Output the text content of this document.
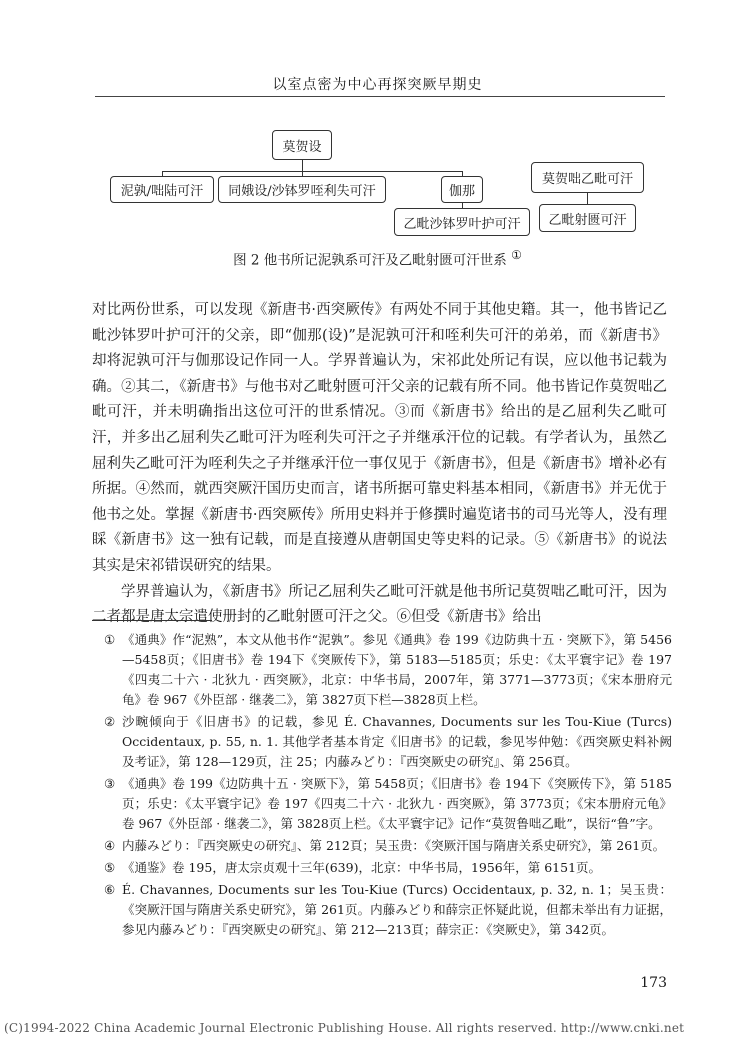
以室点密为中心再探突厥早期史
莫贺设
泥孰/咄陆可汗	同娥设/沙钵罗咥利失可汗	伽那
乙毗沙钵罗叶护可汗
莫贺咄乙毗可汗
乙毗射匮可汗
图 2 他书所记泥孰系可汗及乙毗射匮可汗世系 ①

对比两份世系，可以发现《新唐书·西突厥传》有两处不同于其他史籍。其一，他书皆记乙毗沙钵罗叶护可汗的父亲，即“伽那(设)”是泥孰可汗和咥利失可汗的弟弟，而《新唐书》却将泥孰可汗与伽那设记作同一人。学界普遍认为，宋祁此处所记有误，应以他书记载为确。②其二，《新唐书》与他书对乙毗射匮可汗父亲的记载有所不同。他书皆记作莫贺咄乙毗可汗，并未明确指出这位可汗的世系情况。③而《新唐书》给出的是乙屈利失乙毗可汗，并多出乙屈利失乙毗可汗为咥利失可汗之子并继承汗位的记载。有学者认为，虽然乙屈利失乙毗可汗为咥利失之子并继承汗位一事仅见于《新唐书》，但是《新唐书》增补必有所据。④然而，就西突厥汗国历史而言，诸书所据可靠史料基本相同，《新唐书》并无优于他书之处。掌握《新唐书·西突厥传》所用史料并于修撰时遍览诸书的司马光等人，没有理睬《新唐书》这一独有记载，而是直接遵从唐朝国史等史料的记录。⑤《新唐书》的说法其实是宋祁错误研究的结果。

学界普遍认为，《新唐书》所记乙屈利失乙毗可汗就是他书所记莫贺咄乙毗可汗，因为二者都是唐太宗遣使册封的乙毗射匮可汗之父。⑥但受《新唐书》给出

① 《通典》作“泥熟”，本文从他书作“泥孰”。参见《通典》卷 199《边防典十五 · 突厥下》，第 5456—5458页；《旧唐书》卷 194下《突厥传下》，第 5183—5185页；乐史：《太平寰宇记》卷 197《四夷二十六 · 北狄九 · 西突厥》，北京：中华书局，2007年，第 3771—3773页；《宋本册府元龟》卷 967《外臣部 · 继袭二》，第 3827页下栏—3828页上栏。
② 沙畹倾向于《旧唐书》的记载，参见 É. Chavannes, Documents sur les Tou-Kiue (Turcs) Occidentaux, p. 55, n. 1. 其他学者基本肯定《旧唐书》的记载，参见岑仲勉：《西突厥史料补阙及考证》，第 128—129页，注 25；内藤みどり：『西突厥史の研究』、第 256頁。
③ 《通典》卷 199《边防典十五 · 突厥下》，第 5458页；《旧唐书》卷 194下《突厥传下》，第 5185页；乐史：《太平寰宇记》卷 197《四夷二十六 · 北狄九 · 西突厥》，第 3773页；《宋本册府元龟》卷 967《外臣部 · 继袭二》，第 3828页上栏。《太平寰宇记》记作“莫贺鲁咄乙毗”，误衍“鲁”字。
④ 内藤みどり：『西突厥史の研究』、第 212頁；吴玉贵：《突厥汗国与隋唐关系史研究》，第 261页。
⑤ 《通鉴》卷 195，唐太宗贞观十三年(639)，北京：中华书局，1956年，第 6151页。
⑥ É. Chavannes, Documents sur les Tou-Kiue (Turcs) Occidentaux, p. 32, n. 1；吴玉贵：《突厥汗国与隋唐关系史研究》，第 261页。内藤みどり和薛宗正怀疑此说，但都未举出有力证据，参见内藤みどり：『西突厥史の研究』、第 212—213頁；薛宗正：《突厥史》，第 342页。
173
(C)1994-2022 China Academic Journal Electronic Publishing House. All rights reserved. http://www.cnki.net
